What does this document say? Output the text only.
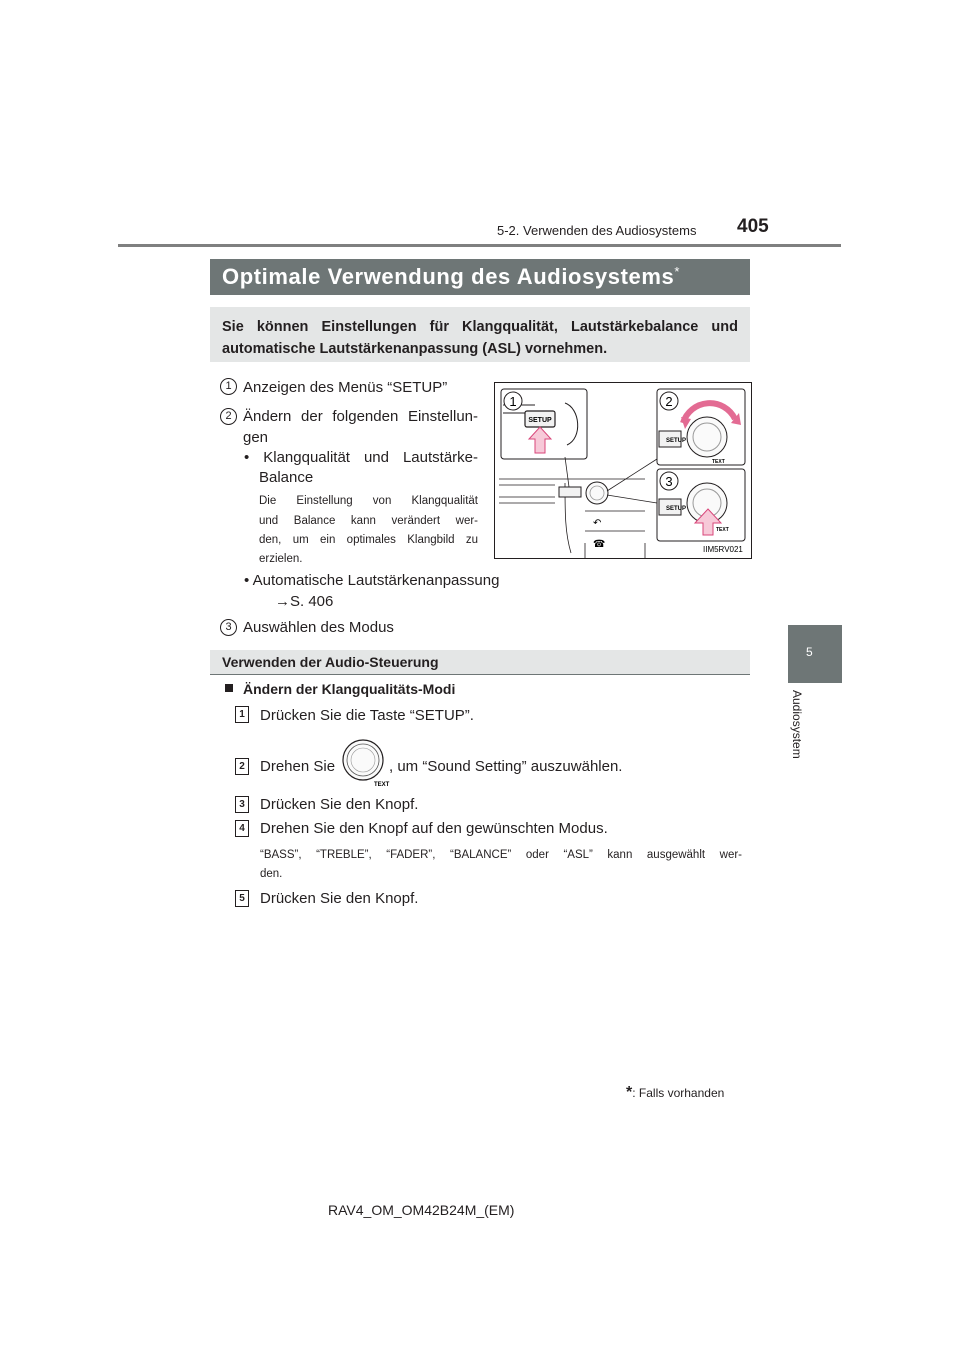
5-2. Verwenden des Audiosystems 405
Optimale Verwendung des Audiosystems*
Sie können Einstellungen für Klangqualität, Lautstärkebalance und automatische Lautstärkenanpassung (ASL) vornehmen.
1 Anzeigen des Menüs “SETUP”
2 Ändern der folgenden Einstellun-
gen
• Klangqualität und Lautstärke-
Balance
Die Einstellung von Klangqualität
und Balance kann verändert wer-
den, um ein optimales Klangbild zu
erzielen.
• Automatische Lautstärkenanpassung
→S. 406
3 Auswählen des Modus
SETUP
1
SETUP
TEXT
2
SETUP
TEXT
3
↶
☎	IIM5RV021
Verwenden der Audio-Steuerung
Ändern der Klangqualitäts-Modi
1 Drücken Sie die Taste “SETUP”.
2 Drehen Sie
TEXT
, um “Sound Setting” auszuwählen.
3 Drücken Sie den Knopf.
4 Drehen Sie den Knopf auf den gewünschten Modus.
“BASS”, “TREBLE”, “FADER”, “BALANCE” oder “ASL” kann ausgewählt wer-
den.
5 Drücken Sie den Knopf.
*: Falls vorhanden
5
Audiosystem
RAV4_OM_OM42B24M_(EM)
